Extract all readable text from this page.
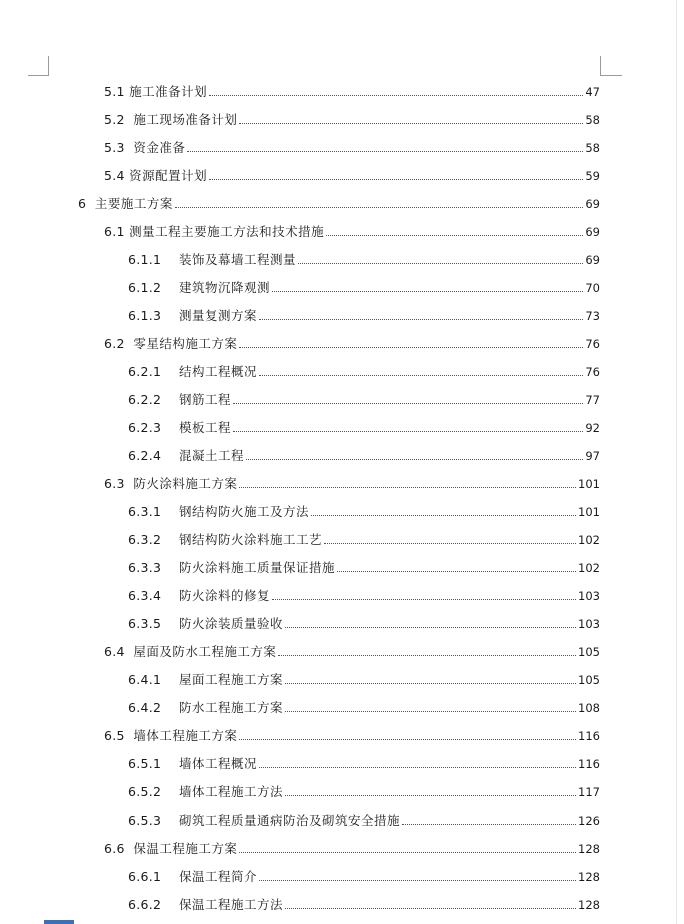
5.1 施工准备计划	47
5.2 施工现场准备计划	58
5.3 资金准备	58
5.4 资源配置计划	59
6 主要施工方案	69
6.1 测量工程主要施工方法和技术措施	69
6.1.1	装饰及幕墙工程测量	69
6.1.2	建筑物沉降观测	70
6.1.3	测量复测方案	73
6.2 零星结构施工方案	76
6.2.1	结构工程概况	76
6.2.2	钢筋工程	77
6.2.3	模板工程	92
6.2.4	混凝土工程	97
6.3 防火涂料施工方案	101
6.3.1	钢结构防火施工及方法	101
6.3.2	钢结构防火涂料施工工艺	102
6.3.3	防火涂料施工质量保证措施	102
6.3.4	防火涂料的修复	103
6.3.5	防火涂装质量验收	103
6.4 屋面及防水工程施工方案	105
6.4.1	屋面工程施工方案	105
6.4.2	防水工程施工方案	108
6.5 墙体工程施工方案	116
6.5.1	墙体工程概况	116
6.5.2	墙体工程施工方法	117
6.5.3	砌筑工程质量通病防治及砌筑安全措施	126
6.6 保温工程施工方案	128
6.6.1	保温工程简介	128
6.6.2	保温工程施工方法	128
